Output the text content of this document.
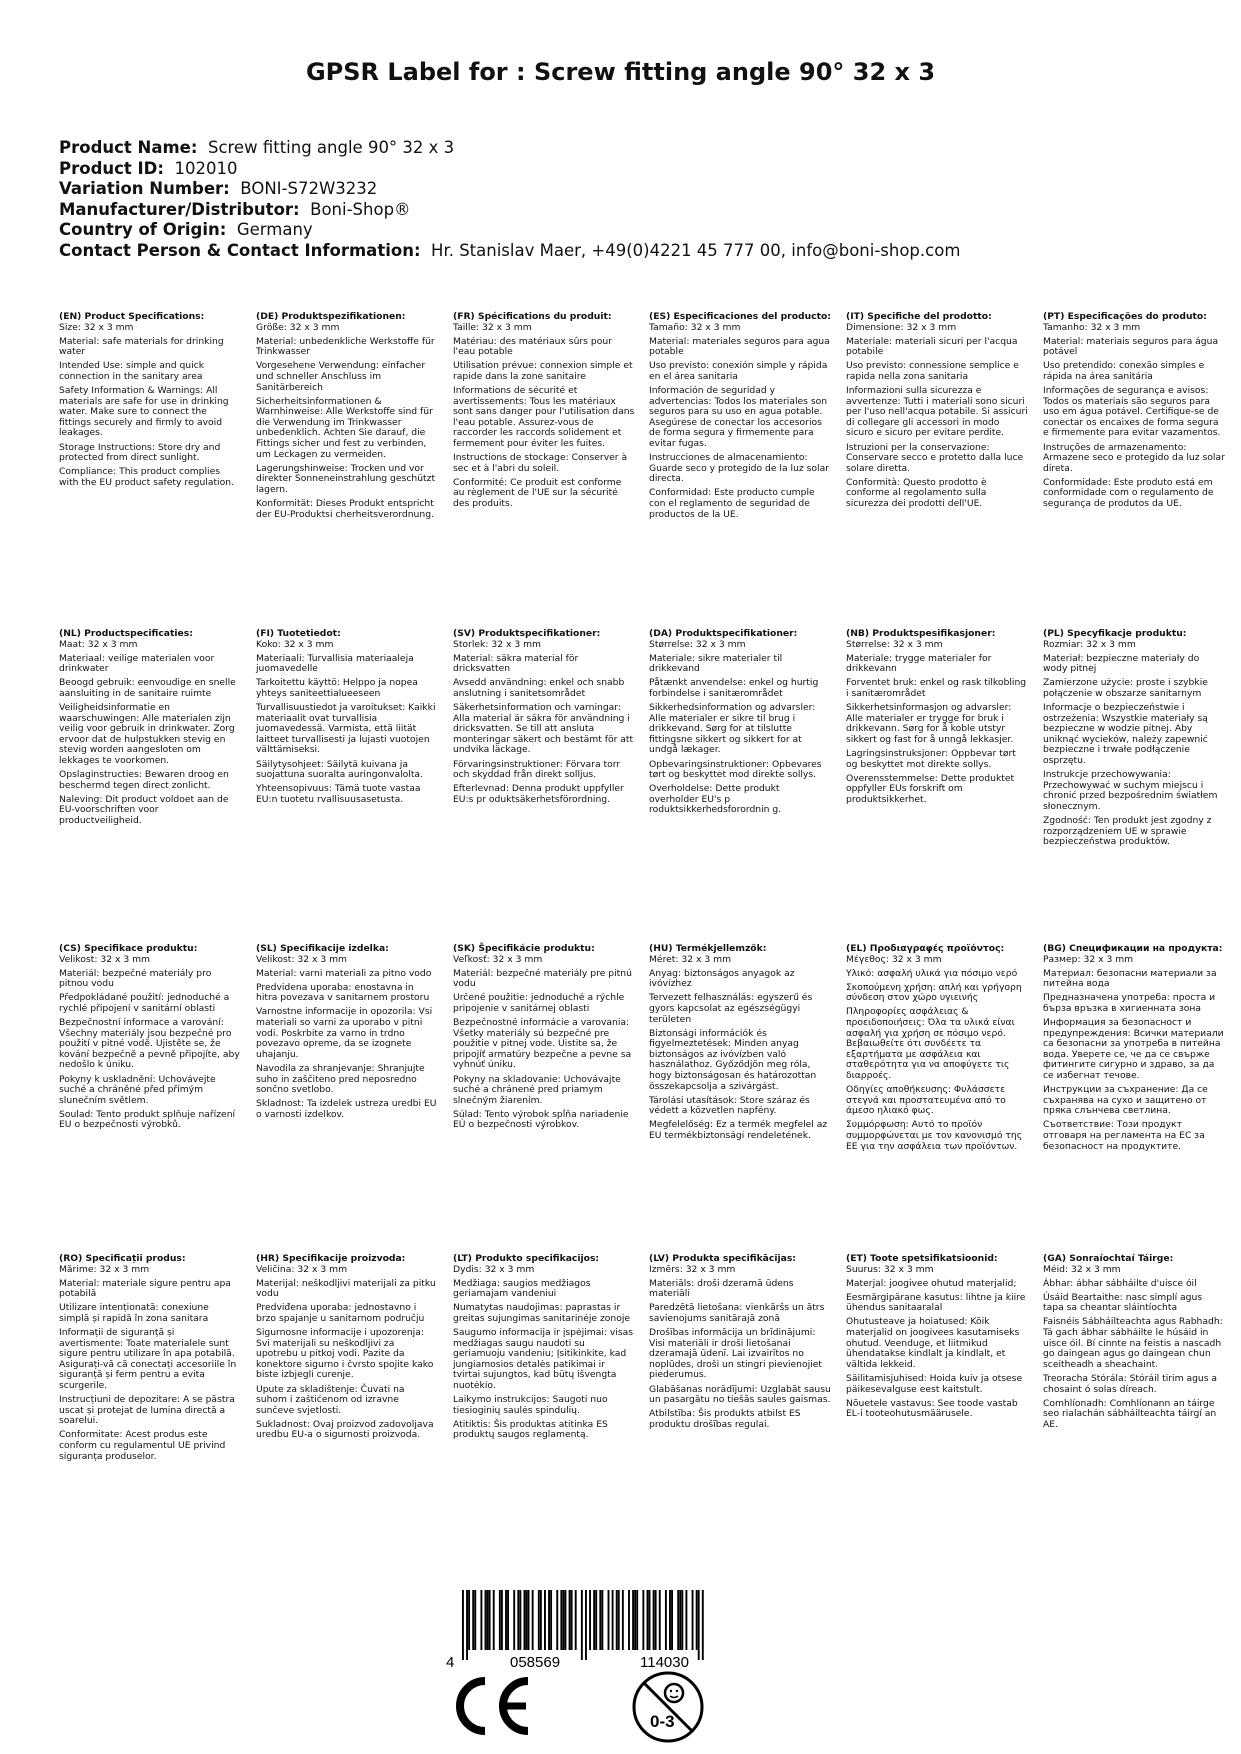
GPSR Label for : Screw fitting angle 90° 32 x 3
Product Name: Screw fitting angle 90° 32 x 3
Product ID: 102010
Variation Number: BONI-S72W3232
Manufacturer/Distributor: Boni-Shop®
Country of Origin: Germany
Contact Person & Contact Information: Hr. Stanislav Maer, +49(0)4221 45 777 00, info@boni-shop.com
(EN) Product Specifications:

Size: 32 x 3 mm

Material: safe materials for drinking water

Intended Use: simple and quick connection in the sanitary area

Safety Information & Warnings: All materials are safe for use in drinking water. Make sure to connect the fittings securely and firmly to avoid leakages.

Storage Instructions: Store dry and protected from direct sunlight.

Compliance: This product complies with the EU product safety regulation.

(DE) Produktspezifikationen:

Größe: 32 x 3 mm

Material: unbedenkliche Werkstoffe für Trinkwasser

Vorgesehene Verwendung: einfacher und schneller Anschluss im Sanitärbereich

Sicherheitsinformationen & Warnhinweise: Alle Werkstoffe sind für die Verwendung im Trinkwasser unbedenklich. Achten Sie darauf, die Fittings sicher und fest zu verbinden, um Leckagen zu vermeiden.

Lagerungshinweise: Trocken und vor direkter Sonneneinstrahlung geschützt lagern.

Konformität: Dieses Produkt entspricht der EU-Produktsi cherheitsverordnung.

(FR) Spécifications du produit:

Taille: 32 x 3 mm

Matériau: des matériaux sûrs pour l'eau potable

Utilisation prévue: connexion simple et rapide dans la zone sanitaire

Informations de sécurité et avertissements: Tous les matériaux sont sans danger pour l'utilisation dans l'eau potable. Assurez-vous de raccorder les raccords solidement et fermement pour éviter les fuites.

Instructions de stockage: Conserver à sec et à l'abri du soleil.

Conformité: Ce produit est conforme au règlement de l'UE sur la sécurité des produits.

(ES) Especificaciones del producto:

Tamaño: 32 x 3 mm

Material: materiales seguros para agua potable

Uso previsto: conexión simple y rápida en el área sanitaria

Información de seguridad y advertencias: Todos los materiales son seguros para su uso en agua potable. Asegúrese de conectar los accesorios de forma segura y firmemente para evitar fugas.

Instrucciones de almacenamiento: Guarde seco y protegido de la luz solar directa.

Conformidad: Este producto cumple con el reglamento de seguridad de productos de la UE.

(IT) Specifiche del prodotto:

Dimensione: 32 x 3 mm

Materiale: materiali sicuri per l'acqua potabile

Uso previsto: connessione semplice e rapida nella zona sanitaria

Informazioni sulla sicurezza e avvertenze: Tutti i materiali sono sicuri per l'uso nell'acqua potabile. Si assicuri di collegare gli accessori in modo sicuro e sicuro per evitare perdite.

Istruzioni per la conservazione: Conservare secco e protetto dalla luce solare diretta.

Conformità: Questo prodotto è conforme al regolamento sulla sicurezza dei prodotti dell'UE.

(PT) Especificações do produto:

Tamanho: 32 x 3 mm

Material: materiais seguros para água potável

Uso pretendido: conexão simples e rápida na área sanitária

Informações de segurança e avisos: Todos os materiais são seguros para uso em água potável. Certifique-se de conectar os encaixes de forma segura e firmemente para evitar vazamentos.

Instruções de armazenamento: Armazene seco e protegido da luz solar direta.

Conformidade: Este produto está em conformidade com o regulamento de segurança de produtos da UE.

(NL) Productspecificaties:

Maat: 32 x 3 mm

Materiaal: veilige materialen voor drinkwater

Beoogd gebruik: eenvoudige en snelle aansluiting in de sanitaire ruimte

Veiligheidsinformatie en waarschuwingen: Alle materialen zijn veilig voor gebruik in drinkwater. Zorg ervoor dat de hulpstukken stevig en stevig worden aangesloten om lekkages te voorkomen.

Opslaginstructies: Bewaren droog en beschermd tegen direct zonlicht.

Naleving: Dit product voldoet aan de EU-voorschriften voor productveiligheid.

(FI) Tuotetiedot:

Koko: 32 x 3 mm

Materiaali: Turvallisia materiaaleja juomavedelle

Tarkoitettu käyttö: Helppo ja nopea yhteys saniteettialueeseen

Turvallisuustiedot ja varoitukset: Kaikki materiaalit ovat turvallisia juomavedessä. Varmista, että liität laitteet turvallisesti ja lujasti vuotojen välttämiseksi.

Säilytysohjeet: Säilytä kuivana ja suojattuna suoralta auringonvalolta.

Yhteensopivuus: Tämä tuote vastaa EU:n tuotetu rvallisuusasetusta.

(SV) Produktspecifikationer:

Storlek: 32 x 3 mm

Material: säkra material för dricksvatten

Avsedd användning: enkel och snabb anslutning i sanitetsområdet

Säkerhetsinformation och varningar: Alla material är säkra för användning i dricksvatten. Se till att ansluta monteringar säkert och bestämt för att undvika läckage.

Förvaringsinstruktioner: Förvara torr och skyddad från direkt solljus.

Efterlevnad: Denna produkt uppfyller EU:s pr oduktsäkerhetsförordning.

(DA) Produktspecifikationer:

Størrelse: 32 x 3 mm

Materiale: sikre materialer til drikkevand

Påtænkt anvendelse: enkel og hurtig forbindelse i sanitærområdet

Sikkerhedsinformation og advarsler: Alle materialer er sikre til brug i drikkevand. Sørg for at tilslutte fittingsne sikkert og sikkert for at undgå lækager.

Opbevaringsinstruktioner: Opbevares tørt og beskyttet mod direkte sollys.

Overholdelse: Dette produkt overholder EU's p roduktsikkerhedsforordnin g.

(NB) Produktspesifikasjoner:

Størrelse: 32 x 3 mm

Materiale: trygge materialer for drikkevann

Forventet bruk: enkel og rask tilkobling i sanitærområdet

Sikkerhetsinformasjon og advarsler: Alle materialer er trygge for bruk i drikkevann. Sørg for å koble utstyr sikkert og fast for å unngå lekkasjer.

Lagringsinstruksjoner: Oppbevar tørt og beskyttet mot direkte sollys.

Overensstemmelse: Dette produktet oppfyller EUs forskrift om produktsikkerhet.

(PL) Specyfikacje produktu:

Rozmiar: 32 x 3 mm

Materiał: bezpieczne materiały do wody pitnej

Zamierzone użycie: proste i szybkie połączenie w obszarze sanitarnym

Informacje o bezpieczeństwie i ostrzeżenia: Wszystkie materiały są bezpieczne w wodzie pitnej. Aby uniknąć wycieków, należy zapewnić bezpieczne i trwałe podłączenie osprzętu.

Instrukcje przechowywania: Przechowywać w suchym miejscu i chronić przed bezpośrednim światłem słonecznym.

Zgodność: Ten produkt jest zgodny z rozporządzeniem UE w sprawie bezpieczeństwa produktów.

(CS) Specifikace produktu:

Velikost: 32 x 3 mm

Materiál: bezpečné materiály pro pitnou vodu

Předpokládané použití: jednoduché a rychlé připojení v sanitární oblasti

Bezpečnostní informace a varování: Všechny materiály jsou bezpečné pro použití v pitné vodě. Ujistěte se, že kování bezpečně a pevně připojíte, aby nedošlo k úniku.

Pokyny k uskladnění: Uchovávejte suché a chráněné před přímým slunečním světlem.

Soulad: Tento produkt splňuje nařízení EU o bezpečnosti výrobků.

(SL) Specifikacije izdelka:

Velikost: 32 x 3 mm

Material: varni materiali za pitno vodo

Predvidena uporaba: enostavna in hitra povezava v sanitarnem prostoru

Varnostne informacije in opozorila: Vsi materiali so varni za uporabo v pitni vodi. Poskrbite za varno in trdno povezavo opreme, da se izognete uhajanju.

Navodila za shranjevanje: Shranjujte suho in zaščiteno pred neposredno sončno svetlobo.

Skladnost: Ta izdelek ustreza uredbi EU o varnosti izdelkov.

(SK) Špecifikácie produktu:

Veľkosť: 32 x 3 mm

Materiál: bezpečné materiály pre pitnú vodu

Určené použitie: jednoduché a rýchle pripojenie v sanitárnej oblasti

Bezpečnostné informácie a varovania: Všetky materiály sú bezpečné pre použitie v pitnej vode. Uistite sa, že pripojíť armatúry bezpečne a pevne sa vyhnúť úniku.

Pokyny na skladovanie: Uchovávajte suché a chránené pred priamym slnečným žiarením.

Súlad: Tento výrobok spĺňa nariadenie EÚ o bezpečnosti výrobkov.

(HU) Termékjellemzők:

Méret: 32 x 3 mm

Anyag: biztonságos anyagok az ivóvízhez

Tervezett felhasználás: egyszerű és gyors kapcsolat az egészségügyi területen

Biztonsági információk és figyelmeztetések: Minden anyag biztonságos az ivóvízben való használathoz. Győződjön meg róla, hogy biztonságosan és határozottan összekapcsolja a szivárgást.

Tárolási utasítások: Store száraz és védett a közvetlen napfény.

Megfelelőség: Ez a termék megfelel az EU termékbiztonsági rendeletének.

(EL) Προδιαγραφές προϊόντος:

Μέγεθος: 32 x 3 mm

Υλικό: ασφαλή υλικά για πόσιμο νερό

Σκοπούμενη χρήση: απλή και γρήγορη σύνδεση στον χώρο υγιεινής

Πληροφορίες ασφάλειας & προειδοποιήσεις: Όλα τα υλικά είναι ασφαλή για χρήση σε πόσιμο νερό. Βεβαιωθείτε ότι συνδέετε τα εξαρτήματα με ασφάλεια και σταθερότητα για να αποφύγετε τις διαρροές.

Οδηγίες αποθήκευσης: Φυλάσσετε στεγνά και προστατευμένα από το άμεσο ηλιακό φως.

Συμμόρφωση: Αυτό το προϊόν συμμορφώνεται με τον κανονισμό της ΕΕ για την ασφάλεια των προϊόντων.

(BG) Спецификации на продукта:

Размер: 32 x 3 mm

Материал: безопасни материали за питейна вода

Предназначена употреба: проста и бърза връзка в хигиенната зона

Информация за безопасност и предупреждения: Всички материали са безопасни за употреба в питейна вода. Уверете се, че да се свърже фитингите сигурно и здраво, за да се избегнат течове.

Инструкции за съхранение: Да се съхранява на сухо и защитено от пряка слънчева светлина.

Съответствие: Този продукт отговаря на регламента на ЕС за безопасност на продуктите.

(RO) Specificații produs:

Mărime: 32 x 3 mm

Material: materiale sigure pentru apa potabilă

Utilizare intenționată: conexiune simplă și rapidă în zona sanitara

Informații de siguranță și avertismente: Toate materialele sunt sigure pentru utilizare în apa potabilă. Asigurați-vă că conectați accesoriile în siguranță și ferm pentru a evita scurgerile.

Instrucțiuni de depozitare: A se păstra uscat și protejat de lumina directă a soarelui.

Conformitate: Acest produs este conform cu regulamentul UE privind siguranța produselor.

(HR) Specifikacije proizvoda:

Veličina: 32 x 3 mm

Materijal: neškodljivi materijali za pitku vodu

Predviđena uporaba: jednostavno i brzo spajanje u sanitarnom području

Sigurnosne informacije i upozorenja: Svi materijali su neškodljivi za upotrebu u pitkoj vodi. Pazite da konektore sigurno i čvrsto spojite kako biste izbjegli curenje.

Upute za skladištenje: Čuvati na suhom i zaštićenom od izravne sunčeve svjetlosti.

Sukladnost: Ovaj proizvod zadovoljava uredbu EU-a o sigurnosti proizvoda.

(LT) Produkto specifikacijos:

Dydis: 32 x 3 mm

Medžiaga: saugios medžiagos geriamajam vandeniui

Numatytas naudojimas: paprastas ir greitas sujungimas sanitarinėje zonoje

Saugumo informacija ir įspėjimai: visas medžiagas saugu naudoti su geriamuoju vandeniu; Įsitikinkite, kad jungiamosios detalės patikimai ir tvirtai sujungtos, kad būtų išvengta nuotėkio.

Laikymo instrukcijos: Saugoti nuo tiesioginių saulės spindulių.

Atitiktis: Šis produktas atitinka ES produktų saugos reglamentą.

(LV) Produkta specifikācijas:

Izmērs: 32 x 3 mm

Materiāls: droši dzeramā ūdens materiāli

Paredzētā lietošana: vienkāršs un ātrs savienojums sanitārajā zonā

Drošības informācija un brīdinājumi: Visi materiāli ir droši lietošanai dzeramajā ūdenī. Lai izvairītos no noplūdes, droši un stingri pievienojiet piederumus.

Glabāšanas norādījumi: Uzglabāt sausu un pasargātu no tiešās saules gaismas.

Atbilstība: Šis produkts atbilst ES produktu drošības regulai.

(ET) Toote spetsifikatsioonid:

Suurus: 32 x 3 mm

Materjal: joogivee ohutud materjalid;

Eesmärgipärane kasutus: lihtne ja kiire ühendus sanitaaralal

Ohutusteave ja hoiatused: Kõik materjalid on joogivees kasutamiseks ohutud. Veenduge, et liitmikud ühendatakse kindlalt ja kindlalt, et vältida lekkeid.

Säilitamisjuhised: Hoida kuiv ja otsese päikesevalguse eest kaitstult.

Nõuetele vastavus: See toode vastab EL-i tooteohutusmäärusele.

(GA) Sonraíochtaí Táirge:

Méid: 32 x 3 mm

Ábhar: ábhar sábháilte d'uisce óil

Úsáid Beartaithe: nasc simplí agus tapa sa cheantar sláintíochta

Faisnéis Sábháilteachta agus Rabhadh: Tá gach ábhar sábháilte le húsáid in uisce óil. Bí cinnte na feistis a nascadh go daingean agus go daingean chun sceitheadh a sheachaint.

Treoracha Stórála: Stóráil tirim agus a chosaint ó solas díreach.

Comhlíonadh: Comhlíonann an táirge seo rialachán sábháilteachta táirgí an AE.

4	058569	114030
0-3
